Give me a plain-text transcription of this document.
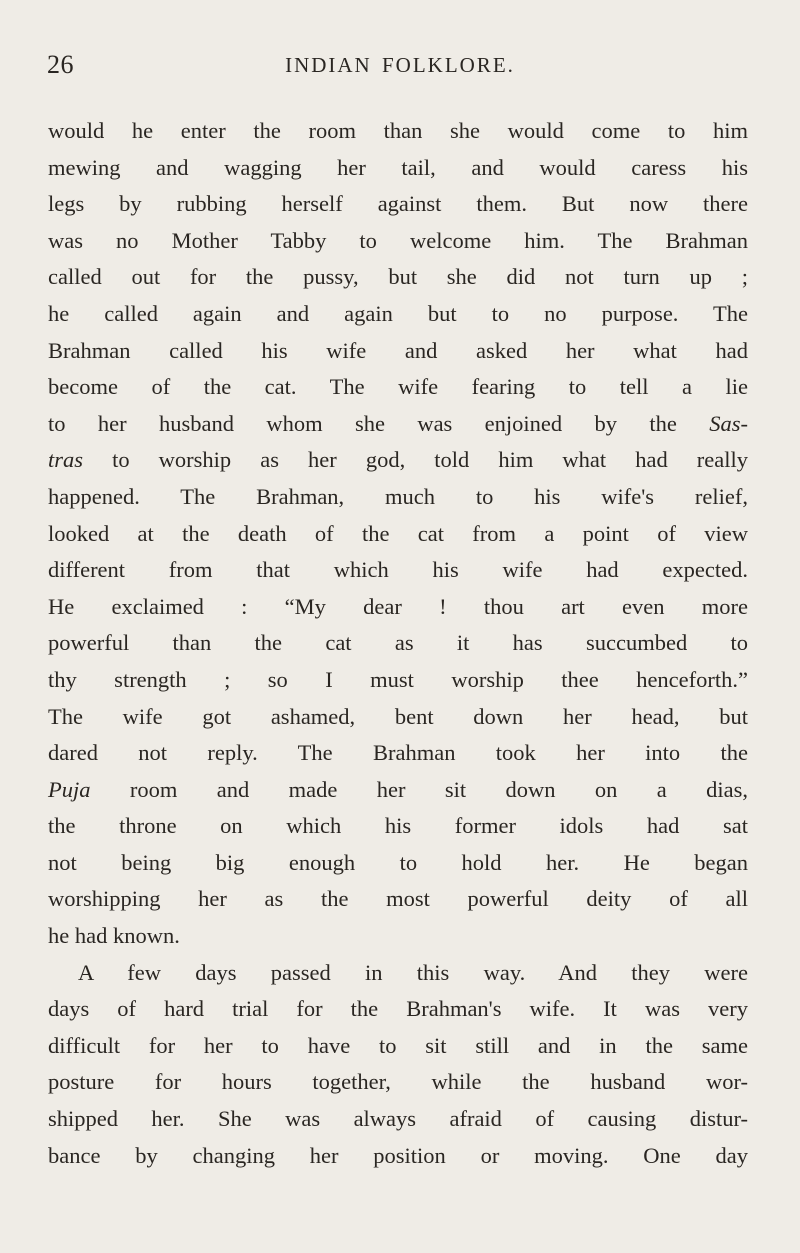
26	INDIAN FOLKLORE.
would he enter the room than she would come to him
mewing and wagging her tail, and would caress his
legs by rubbing herself against them. But now there
was no Mother Tabby to welcome him. The Brahman
called out for the pussy, but she did not turn up ;
he called again and again but to no purpose. The
Brahman called his wife and asked her what had
become of the cat. The wife fearing to tell a lie
to her husband whom she was enjoined by the Sas-
tras to worship as her god, told him what had really
happened. The Brahman, much to his wife's relief,
looked at the death of the cat from a point of view
different from that which his wife had expected.
He exclaimed : “My dear ! thou art even more
powerful than the cat as it has succumbed to
thy strength ; so I must worship thee henceforth.”
The wife got ashamed, bent down her head, but
dared not reply. The Brahman took her into the
Puja room and made her sit down on a dias,
the throne on which his former idols had sat
not being big enough to hold her. He began
worshipping her as the most powerful deity of all
he had known.
A few days passed in this way. And they were
days of hard trial for the Brahman's wife. It was very
difficult for her to have to sit still and in the same
posture for hours together, while the husband wor-
shipped her. She was always afraid of causing distur-
bance by changing her position or moving. One day
